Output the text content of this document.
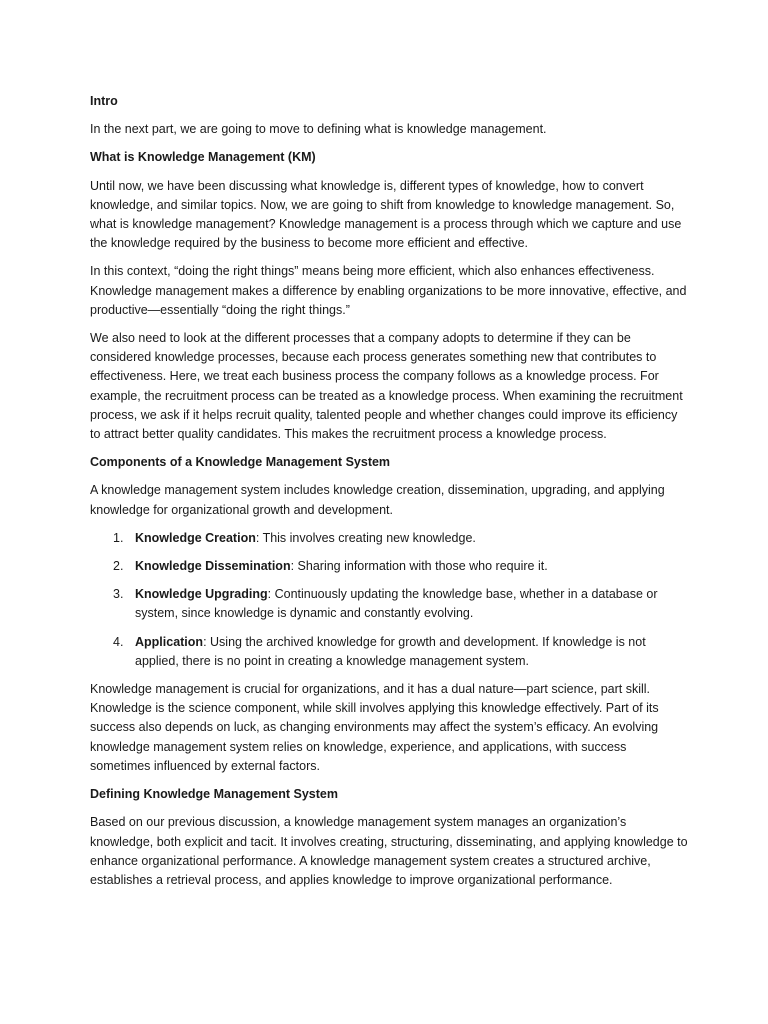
Intro

In the next part, we are going to move to defining what is knowledge management.

What is Knowledge Management (KM)

Until now, we have been discussing what knowledge is, different types of knowledge, how to convert knowledge, and similar topics. Now, we are going to shift from knowledge to knowledge management. So, what is knowledge management? Knowledge management is a process through which we capture and use the knowledge required by the business to become more efficient and effective.

In this context, “doing the right things” means being more efficient, which also enhances effectiveness. Knowledge management makes a difference by enabling organizations to be more innovative, effective, and productive—essentially “doing the right things.”

We also need to look at the different processes that a company adopts to determine if they can be considered knowledge processes, because each process generates something new that contributes to effectiveness. Here, we treat each business process the company follows as a knowledge process. For example, the recruitment process can be treated as a knowledge process. When examining the recruitment process, we ask if it helps recruit quality, talented people and whether changes could improve its efficiency to attract better quality candidates. This makes the recruitment process a knowledge process.

Components of a Knowledge Management System

A knowledge management system includes knowledge creation, dissemination, upgrading, and applying knowledge for organizational growth and development.

1. Knowledge Creation: This involves creating new knowledge.
2. Knowledge Dissemination: Sharing information with those who require it.
3. Knowledge Upgrading: Continuously updating the knowledge base, whether in a database or system, since knowledge is dynamic and constantly evolving.
4. Application: Using the archived knowledge for growth and development. If knowledge is not applied, there is no point in creating a knowledge management system.

Knowledge management is crucial for organizations, and it has a dual nature—part science, part skill. Knowledge is the science component, while skill involves applying this knowledge effectively. Part of its success also depends on luck, as changing environments may affect the system’s efficacy. An evolving knowledge management system relies on knowledge, experience, and applications, with success sometimes influenced by external factors.

Defining Knowledge Management System

Based on our previous discussion, a knowledge management system manages an organization’s knowledge, both explicit and tacit. It involves creating, structuring, disseminating, and applying knowledge to enhance organizational performance. A knowledge management system creates a structured archive, establishes a retrieval process, and applies knowledge to improve organizational performance.
